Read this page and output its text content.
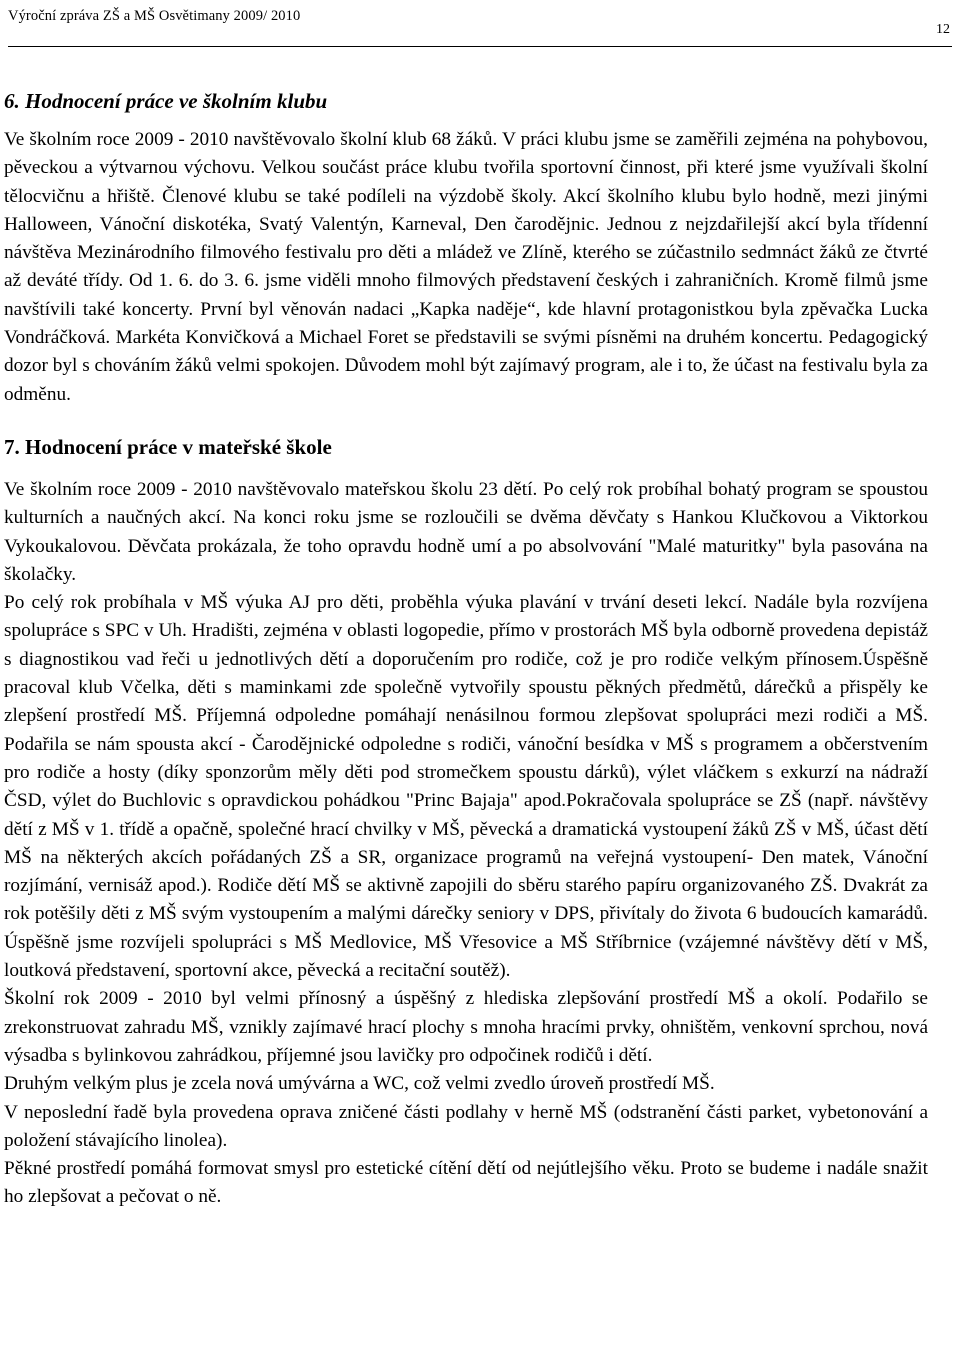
Výroční zpráva ZŠ a MŠ Osvětimany 2009/ 2010
12
6. Hodnocení práce ve školním klubu

Ve školním roce 2009 - 2010 navštěvovalo školní klub 68 žáků. V práci klubu jsme se zaměřili zejména na pohybovou, pěveckou a výtvarnou výchovu. Velkou součást práce klubu tvořila sportovní činnost, při které jsme využívali školní tělocvičnu a hřiště. Členové klubu se také podíleli na výzdobě školy. Akcí školního klubu bylo hodně, mezi jinými Halloween, Vánoční diskotéka, Svatý Valentýn, Karneval, Den čarodějnic. Jednou z nejzdařilejší akcí byla třídenní návštěva Mezinárodního filmového festivalu pro děti a mládež ve Zlíně, kterého se zúčastnilo sedmnáct žáků ze čtvrté až deváté třídy. Od 1. 6. do 3. 6. jsme viděli mnoho filmových představení českých i zahraničních. Kromě filmů jsme navštívili také koncerty. První byl věnován nadaci „Kapka naděje“, kde hlavní protagonistkou byla zpěvačka Lucka Vondráčková. Markéta Konvičková a Michael Foret se představili se svými písněmi na druhém koncertu. Pedagogický dozor byl s chováním žáků velmi spokojen. Důvodem mohl být zajímavý program, ale i to, že účast na festivalu byla za odměnu.

7. Hodnocení práce v mateřské škole

Ve školním roce 2009 - 2010 navštěvovalo mateřskou školu 23 dětí. Po celý rok probíhal bohatý program se spoustou kulturních a naučných akcí. Na konci roku jsme se rozloučili se dvěma děvčaty s Hankou Klučkovou a Viktorkou Vykoukalovou. Děvčata prokázala, že toho opravdu hodně umí a po absolvování "Malé maturitky" byla pasována na školačky.

Po celý rok probíhala v MŠ výuka AJ pro děti, proběhla výuka plavání v trvání deseti lekcí. Nadále byla rozvíjena spolupráce s SPC v Uh. Hradišti, zejména v oblasti logopedie, přímo v prostorách MŠ byla odborně provedena depistáž s diagnostikou vad řeči u jednotlivých dětí a doporučením pro rodiče, což je pro rodiče velkým přínosem.Úspěšně pracoval klub Včelka, děti s maminkami zde společně vytvořily spoustu pěkných předmětů, dárečků a přispěly ke zlepšení prostředí MŠ. Příjemná odpoledne pomáhají nenásilnou formou zlepšovat spolupráci mezi rodiči a MŠ. Podařila se nám spousta akcí - Čarodějnické odpoledne s rodiči, vánoční besídka v MŠ s programem a občerstvením pro rodiče a hosty (díky sponzorům měly děti pod stromečkem spoustu dárků), výlet vláčkem s exkurzí na nádraží ČSD, výlet do Buchlovic s opravdickou pohádkou "Princ Bajaja" apod.Pokračovala spolupráce se ZŠ (např. návštěvy dětí z MŠ v 1. třídě a opačně, společné hrací chvilky v MŠ, pěvecká a dramatická vystoupení žáků ZŠ v MŠ, účast dětí MŠ na některých akcích pořádaných ZŠ a SR, organizace programů na veřejná vystoupení- Den matek, Vánoční rozjímání, vernisáž apod.). Rodiče dětí MŠ se aktivně zapojili do sběru starého papíru organizovaného ZŠ. Dvakrát za rok potěšily děti z MŠ svým vystoupením a malými dárečky seniory v DPS, přivítaly do života 6 budoucích kamarádů. Úspěšně jsme rozvíjeli spolupráci s MŠ Medlovice, MŠ Vřesovice a MŠ Stříbrnice (vzájemné návštěvy dětí v MŠ, loutková představení, sportovní akce, pěvecká a recitační soutěž).

Školní rok 2009 - 2010 byl velmi přínosný a úspěšný z hlediska zlepšování prostředí MŠ a okolí. Podařilo se zrekonstruovat zahradu MŠ, vznikly zajímavé hrací plochy s mnoha hracími prvky, ohništěm, venkovní sprchou, nová výsadba s bylinkovou zahrádkou, příjemné jsou lavičky pro odpočinek rodičů i dětí.

Druhým velkým plus je zcela nová umývárna a WC, což velmi zvedlo úroveň prostředí MŠ.

V neposlední řadě byla provedena oprava zničené části podlahy v herně MŠ (odstranění části parket, vybetonování a položení stávajícího linolea).

Pěkné prostředí pomáhá formovat smysl pro estetické cítění dětí od nejútlejšího věku. Proto se budeme i nadále snažit ho zlepšovat a pečovat o ně.
